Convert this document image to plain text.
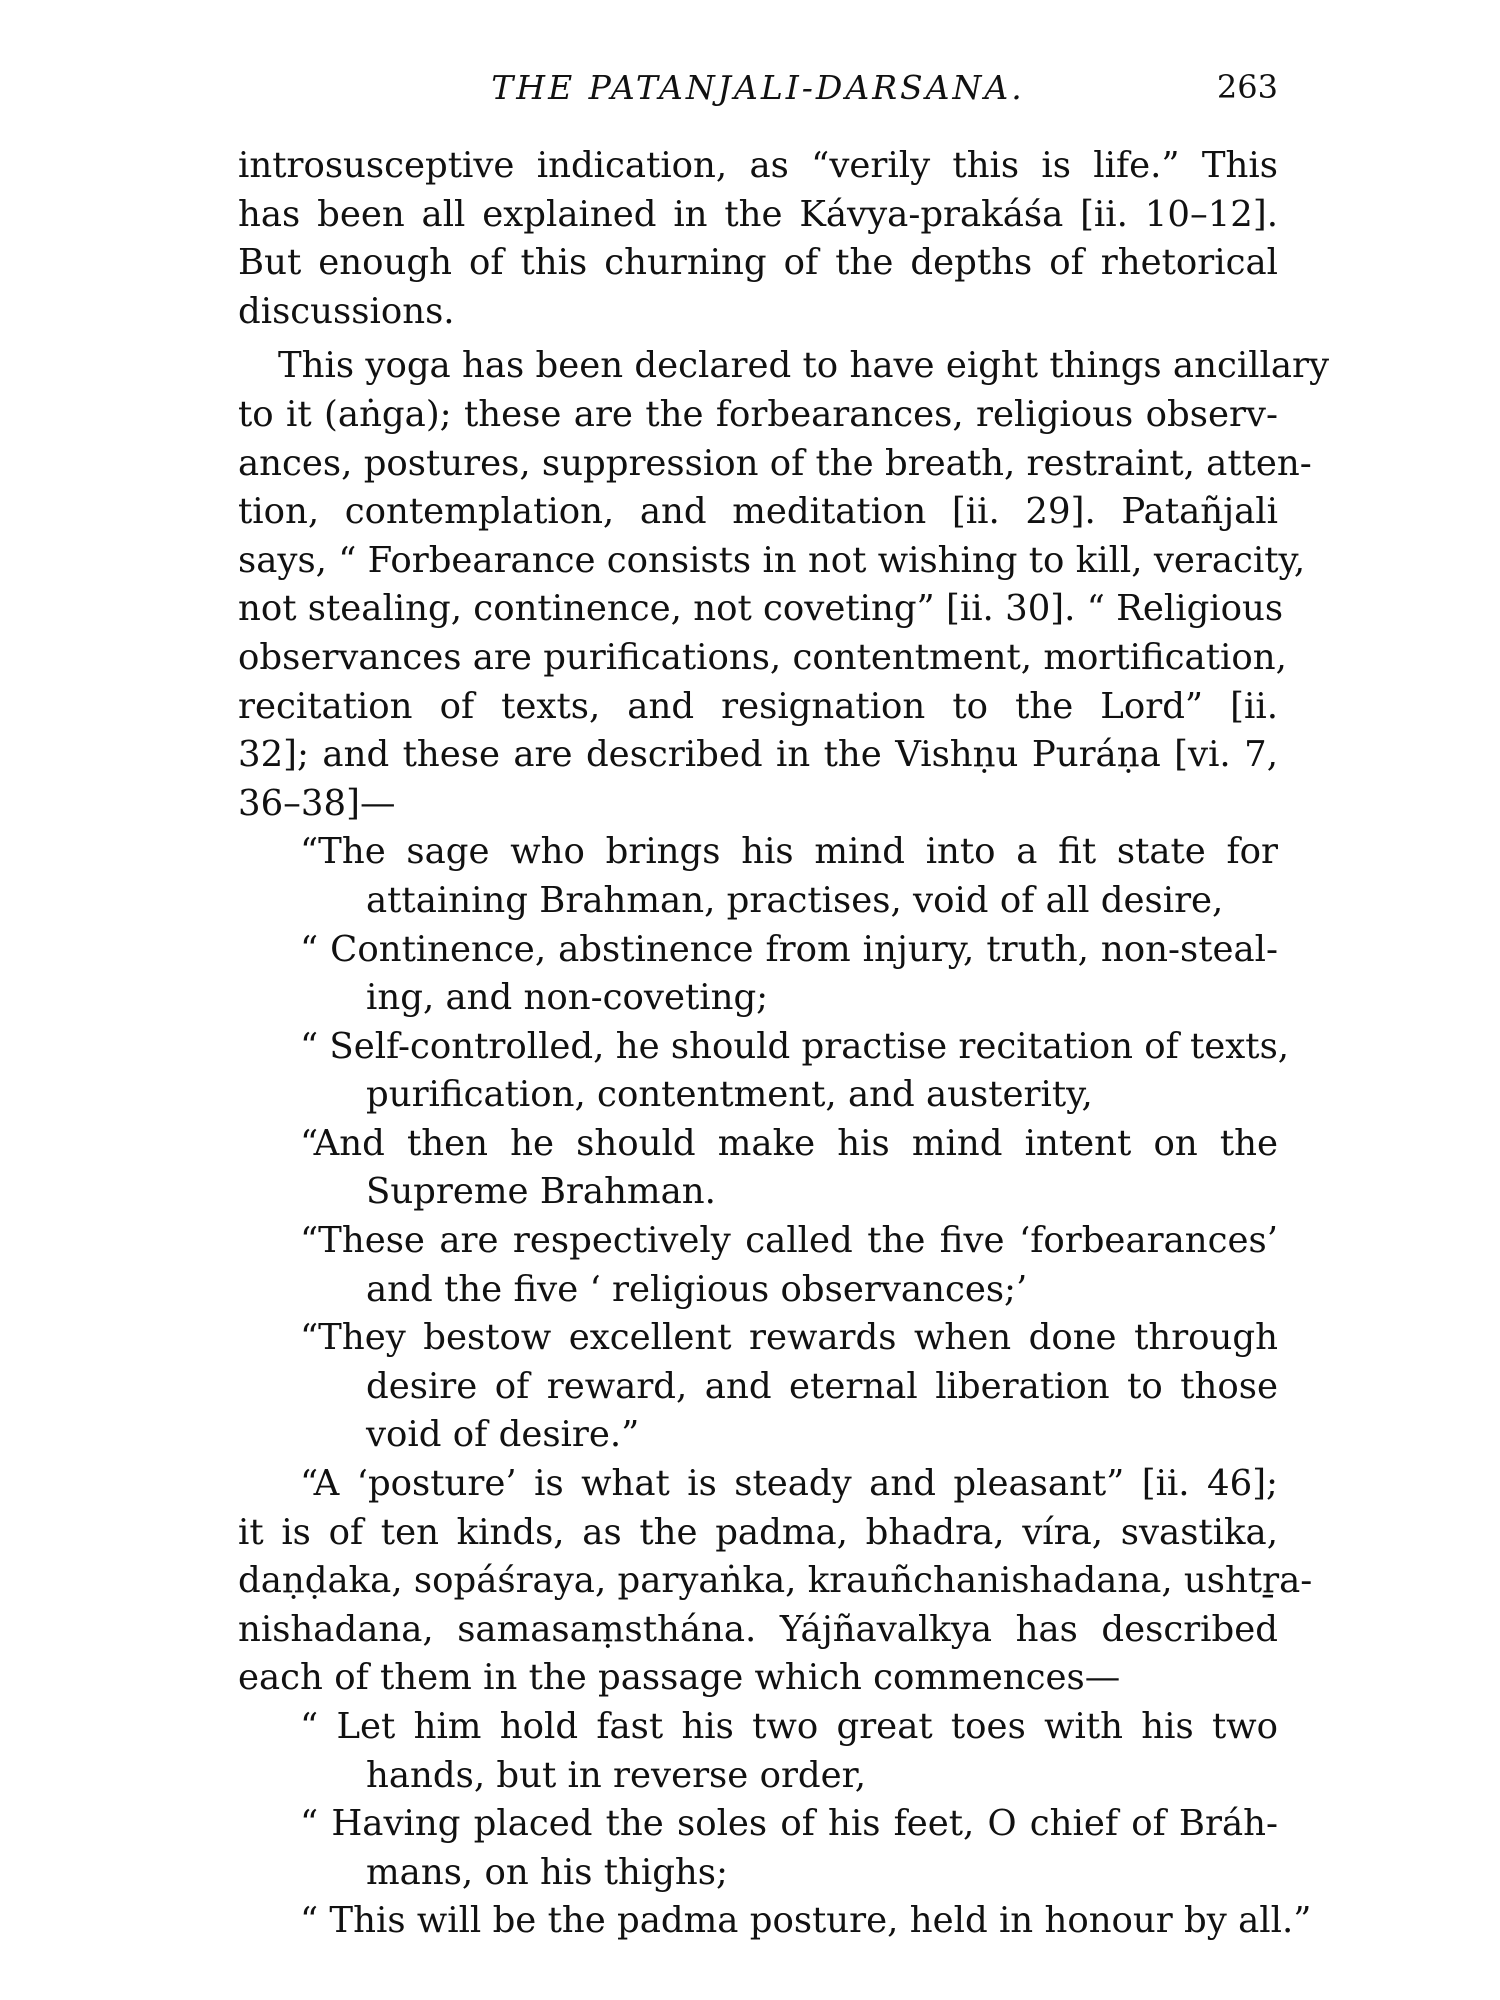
THE PATANJALI-DARSANA.	263
introsusceptive indication, as “verily this is life.” This
has been all explained in the Kávya-prakáśa [ii. 10–12].
But enough of this churning of the depths of rhetorical
discussions.
This yoga has been declared to have eight things ancillary
to it (aṅga); these are the forbearances, religious observ-
ances, postures, suppression of the breath, restraint, atten-
tion, contemplation, and meditation [ii. 29]. Patañjali
says, “ Forbearance consists in not wishing to kill, veracity,
not stealing, continence, not coveting” [ii. 30]. “ Religious
observances are purifications, contentment, mortification,
recitation of texts, and resignation to the Lord” [ii.
32]; and these are described in the Vishṇu Puráṇa [vi. 7,
36–38]—
“The sage who brings his mind into a fit state for
attaining Brahman, practises, void of all desire,
“ Continence, abstinence from injury, truth, non-steal-
ing, and non-coveting;
“ Self-controlled, he should practise recitation of texts,
purification, contentment, and austerity,
“And then he should make his mind intent on the
Supreme Brahman.
“These are respectively called the five ‘forbearances’
and the five ‘ religious observances;’
“They bestow excellent rewards when done through
desire of reward, and eternal liberation to those
void of desire.”
“A ‘posture’ is what is steady and pleasant” [ii. 46];
it is of ten kinds, as the padma, bhadra, víra, svastika,
daṇḍaka, sopáśraya, paryaṅka, krauñchanishadana, ushtṟa-
nishadana, samasaṃsthána. Yájñavalkya has described
each of them in the passage which commences—
“ Let him hold fast his two great toes with his two
hands, but in reverse order,
“ Having placed the soles of his feet, O chief of Bráh-
mans, on his thighs;
“ This will be the padma posture, held in honour by all.”
